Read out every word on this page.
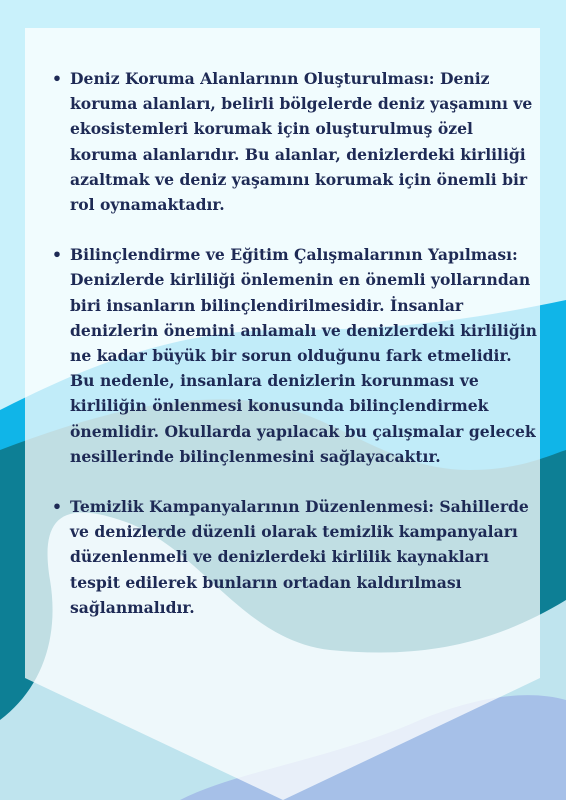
• Deniz Koruma Alanlarının Oluşturulması: Deniz koruma alanları, belirli bölgelerde deniz yaşamını ve ekosistemleri korumak için oluşturulmuş özel koruma alanlarıdır. Bu alanlar, denizlerdeki kirliliği azaltmak ve deniz yaşamını korumak için önemli bir rol oynamaktadır.
• Bilinçlendirme ve Eğitim Çalışmalarının Yapılması: Denizlerde kirliliği önlemenin en önemli yollarından biri insanların bilinçlendirilmesidir. İnsanlar denizlerin önemini anlamalı ve denizlerdeki kirliliğin ne kadar büyük bir sorun olduğunu fark etmelidir. Bu nedenle, insanlara denizlerin korunması ve kirliliğin önlenmesi konusunda bilinçlendirmek önemlidir. Okullarda yapılacak bu çalışmalar gelecek nesillerinde bilinçlenmesini sağlayacaktır.
• Temizlik Kampanyalarının Düzenlenmesi: Sahillerde ve denizlerde düzenli olarak temizlik kampanyaları düzenlenmeli ve denizlerdeki kirlilik kaynakları tespit edilerek bunların ortadan kaldırılması sağlanmalıdır.
